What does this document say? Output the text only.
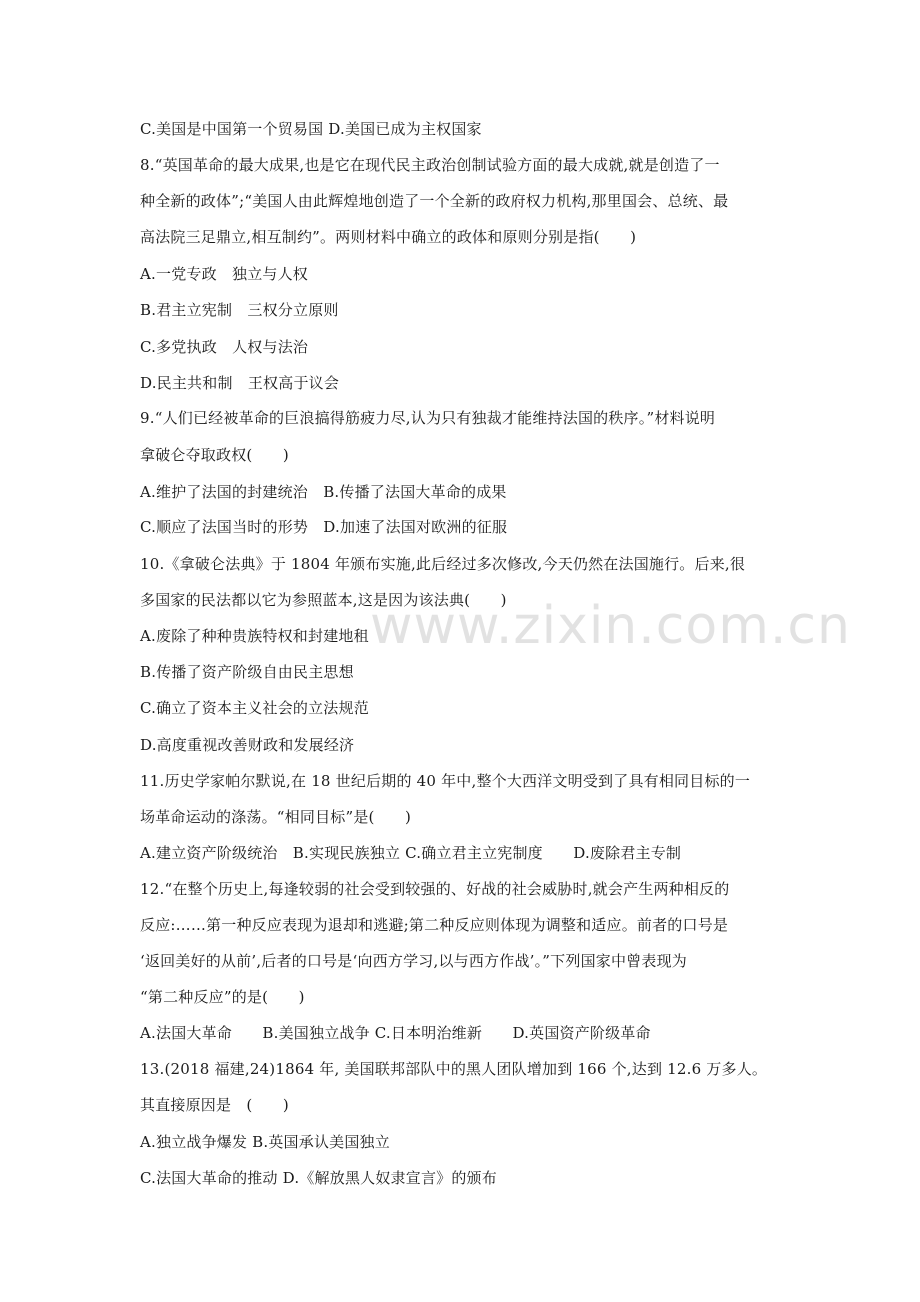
www.zixin.com.cn
C.美国是中国第一个贸易国 D.美国已成为主权国家
8.“英国革命的最大成果,也是它在现代民主政治创制试验方面的最大成就,就是创造了一
种全新的政体”;“美国人由此辉煌地创造了一个全新的政府权力机构,那里国会、总统、最
高法院三足鼎立,相互制约”。两则材料中确立的政体和原则分别是指(　　)
A.一党专政　独立与人权
B.君主立宪制　三权分立原则
C.多党执政　人权与法治
D.民主共和制　王权高于议会
9.“人们已经被革命的巨浪搞得筋疲力尽,认为只有独裁才能维持法国的秩序。”材料说明
拿破仑夺取政权(　　)
A.维护了法国的封建统治　B.传播了法国大革命的成果
C.顺应了法国当时的形势　D.加速了法国对欧洲的征服
10.《拿破仑法典》于 1804 年颁布实施,此后经过多次修改,今天仍然在法国施行。后来,很
多国家的民法都以它为参照蓝本,这是因为该法典(　　)
A.废除了种种贵族特权和封建地租
B.传播了资产阶级自由民主思想
C.确立了资本主义社会的立法规范
D.高度重视改善财政和发展经济
11.历史学家帕尔默说,在 18 世纪后期的 40 年中,整个大西洋文明受到了具有相同目标的一
场革命运动的涤荡。“相同目标”是(　　)
A.建立资产阶级统治　B.实现民族独立 C.确立君主立宪制度　　D.废除君主专制
12.“在整个历史上,每逢较弱的社会受到较强的、好战的社会威胁时,就会产生两种相反的
反应:……第一种反应表现为退却和逃避;第二种反应则体现为调整和适应。前者的口号是
‘返回美好的从前’,后者的口号是‘向西方学习,以与西方作战’。”下列国家中曾表现为
“第二种反应”的是(　　)
A.法国大革命　　B.美国独立战争 C.日本明治维新　　D.英国资产阶级革命
13.(2018 福建,24)1864 年, 美国联邦部队中的黑人团队增加到 166 个,达到 12.6 万多人。
其直接原因是　(　　)
A.独立战争爆发 B.英国承认美国独立
C.法国大革命的推动 D.《解放黑人奴隶宣言》的颁布
